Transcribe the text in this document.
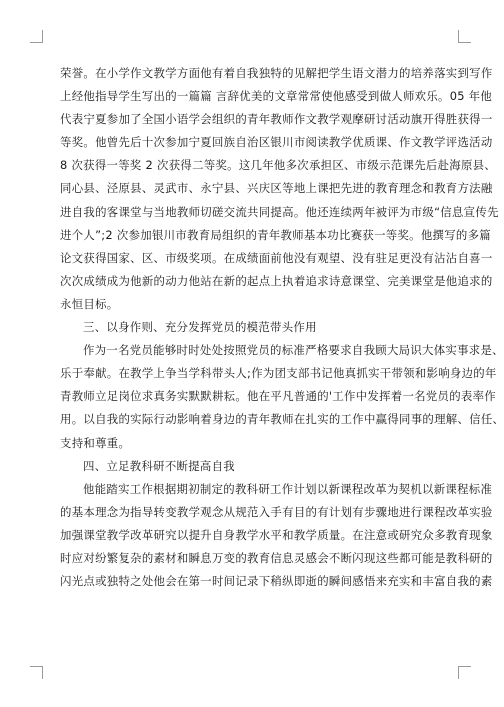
荣誉。在小学作文教学方面他有着自我独特的见解把学生语文潜力的培养落实到写作
上经他指导学生写出的一篇篇 言辞优美的文章常常使他感受到做人师欢乐。05 年他
代表宁夏参加了全国小语学会组织的青年教师作文教学观摩研讨活动旗开得胜获得一
等奖。他曾先后十次参加宁夏回族自治区银川市阅读教学优质课、作文教学评选活动
8 次获得一等奖 2 次获得二等奖。这几年他多次承担区、市级示范课先后赴海原县、
同心县、泾原县、灵武市、永宁县、兴庆区等地上课把先进的教育理念和教育方法融
进自我的客课堂与当地教师切磋交流共同提高。他还连续两年被评为市级“信息宣传先
进个人”;2 次参加银川市教育局组织的青年教师基本功比赛获一等奖。他撰写的多篇
论文获得国家、区、市级奖项。在成绩面前他没有观望、没有驻足更没有沾沾自喜一
次次成绩成为他新的动力他站在新的起点上执着追求诗意课堂、完美课堂是他追求的
永恒目标。
三、以身作则、充分发挥党员的模范带头作用
作为一名党员能够时时处处按照党员的标准严格要求自我顾大局识大体实事求是、
乐于奉献。在教学上争当学科带头人;作为团支部书记他真抓实干带领和影响身边的年
青教师立足岗位求真务实默默耕耘。他在平凡普通的'工作中发挥着一名党员的表率作
用。以自我的实际行动影响着身边的青年教师在扎实的工作中赢得同事的理解、信任、
支持和尊重。
四、立足教科研不断提高自我
他能踏实工作根据期初制定的教科研工作计划以新课程改革为契机以新课程标准
的基本理念为指导转变教学观念从规范入手有目的有计划有步骤地进行课程改革实验
加强课堂教学改革研究以提升自身教学水平和教学质量。在注意或研究众多教育现象
时应对纷繁复杂的素材和瞬息万变的教育信息灵感会不断闪现这些都可能是教科研的
闪光点或独特之处他会在第一时间记录下稍纵即逝的瞬间感悟来充实和丰富自我的素
